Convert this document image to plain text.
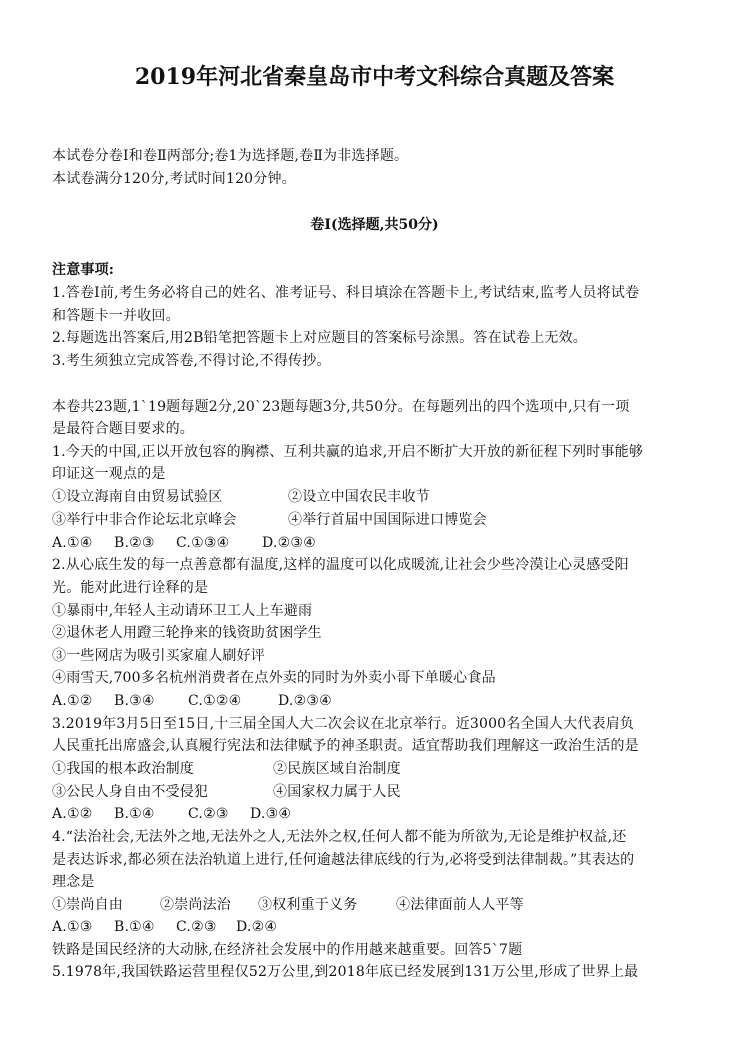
2019年河北省秦皇岛市中考文科综合真题及答案
本试卷分卷Ⅰ和卷Ⅱ两部分;卷1为选择题,卷Ⅱ为非选择题。
本试卷满分120分,考试时间120分钟。
卷Ⅰ(选择题,共50分)
注意事项:
1.答卷Ⅰ前,考生务必将自己的姓名、准考证号、科目填涂在答题卡上,考试结束,监考人员将试卷
和答题卡一并收回。
2.每题选出答案后,用2B铅笔把答题卡上对应题目的答案标号涂黑。答在试卷上无效。
3.考生须独立完成答卷,不得讨论,不得传抄。
本卷共23题,1`19题每题2分,20`23题每题3分,共50分。在每题列出的四个选项中,只有一项
是最符合题目要求的。
1.今天的中国,正以开放包容的胸襟、互利共赢的追求,开启不断扩大开放的新征程下列时事能够
印证这一观点的是
①设立海南自由贸易试验区	②设立中国农民丰收节
③举行中非合作论坛北京峰会	④举行首届中国国际进口博览会
A.①④ B.②③ C.①③④ D.②③④
2.从心底生发的每一点善意都有温度,这样的温度可以化成暖流,让社会少些冷漠让心灵感受阳
光。能对此进行诠释的是
①暴雨中,年轻人主动请环卫工人上车避雨
②退休老人用蹬三轮挣来的钱资助贫困学生
③一些网店为吸引买家雇人刷好评
④雨雪天,700多名杭州消费者在点外卖的同时为外卖小哥下单暖心食品
A.①② B.③④ C.①②④	D.②③④
3.2019年3月5日至15日,十三届全国人大二次会议在北京举行。近3000名全国人大代表肩负
人民重托出席盛会,认真履行宪法和法律赋予的神圣职责。适宜帮助我们理解这一政治生活的是
①我国的根本政治制度	②民族区域自治制度
③公民人身自由不受侵犯	④国家权力属于人民
A.①② B.①④ C.②③ D.③④
4.“法治社会,无法外之地,无法外之人,无法外之权,任何人都不能为所欲为,无论是维护权益,还
是表达诉求,都必须在法治轨道上进行,任何逾越法律底线的行为,必将受到法律制裁。”其表达的
理念是
①崇尚自由	②崇尚法治 ③权利重于义务	④法律面前人人平等
A.①③ B.①④ C.②③ D.②④
铁路是国民经济的大动脉,在经济社会发展中的作用越来越重要。回答5`7题
5.1978年,我国铁路运营里程仅52万公里,到2018年底已经发展到131万公里,形成了世界上最
